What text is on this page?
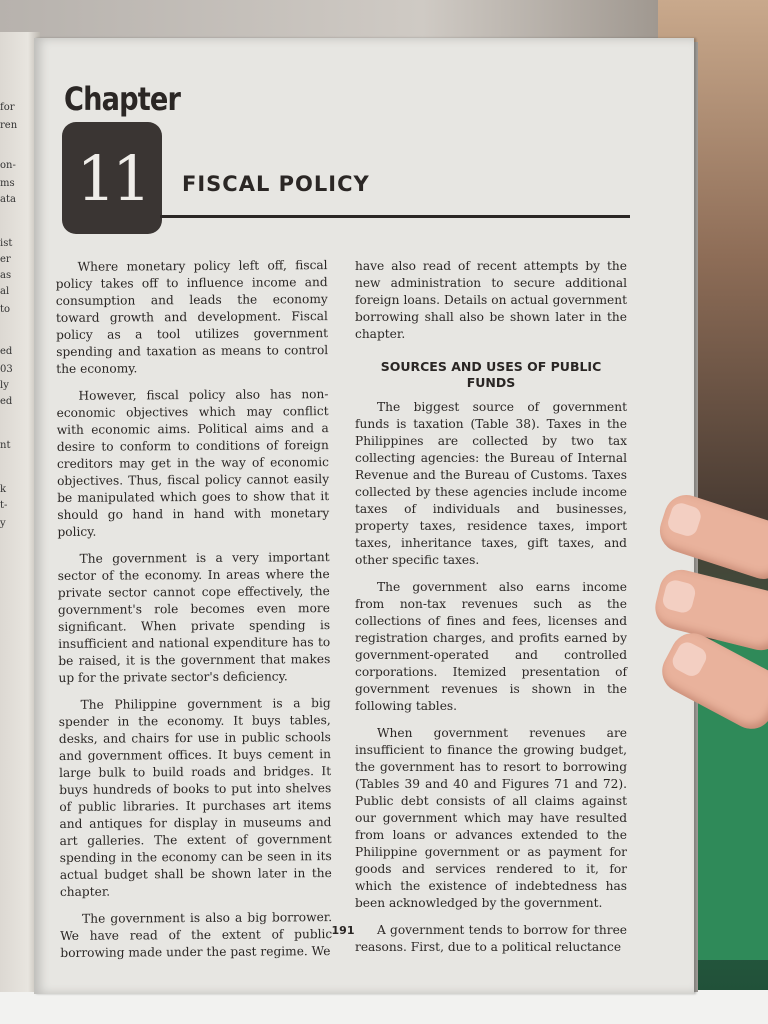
for
ren
on-
ms
ata
ist
er
as
al
to
ed
03
ly
ed
nt
k
t-
y
Chapter
11 FISCAL POLICY

Where monetary policy left off, fiscal policy takes off to influence income and consumption and leads the economy toward growth and development. Fiscal policy as a tool utilizes government spending and taxation as means to control the economy.

However, fiscal policy also has non-economic objectives which may conflict with economic aims. Political aims and a desire to conform to conditions of foreign creditors may get in the way of economic objectives. Thus, fiscal policy cannot easily be manipulated which goes to show that it should go hand in hand with monetary policy.

The government is a very important sector of the economy. In areas where the private sector cannot cope effectively, the government's role becomes even more significant. When private spending is insufficient and national expenditure has to be raised, it is the government that makes up for the private sector's deficiency.

The Philippine government is a big spender in the economy. It buys tables, desks, and chairs for use in public schools and government offices. It buys cement in large bulk to build roads and bridges. It buys hundreds of books to put into shelves of public libraries. It purchases art items and antiques for display in museums and art galleries. The extent of government spending in the economy can be seen in its actual budget shall be shown later in the chapter.

The government is also a big borrower. We have read of the extent of public borrowing made under the past regime. We

have also read of recent attempts by the new administration to secure additional foreign loans. Details on actual government borrowing shall also be shown later in the chapter.

SOURCES AND USES OF PUBLIC FUNDS

The biggest source of government funds is taxation (Table 38). Taxes in the Philippines are collected by two tax collecting agencies: the Bureau of Internal Revenue and the Bureau of Customs. Taxes collected by these agencies include income taxes of individuals and businesses, property taxes, residence taxes, import taxes, inheritance taxes, gift taxes, and other specific taxes.

The government also earns income from non-tax revenues such as the collections of fines and fees, licenses and registration charges, and profits earned by government-operated and controlled corporations. Itemized presentation of government revenues is shown in the following tables.

When government revenues are insufficient to finance the growing budget, the government has to resort to borrowing (Tables 39 and 40 and Figures 71 and 72). Public debt consists of all claims against our government which may have resulted from loans or advances extended to the Philippine government or as payment for goods and services rendered to it, for which the existence of indebtedness has been acknowledged by the government.

A government tends to borrow for three reasons. First, due to a political reluctance

191
